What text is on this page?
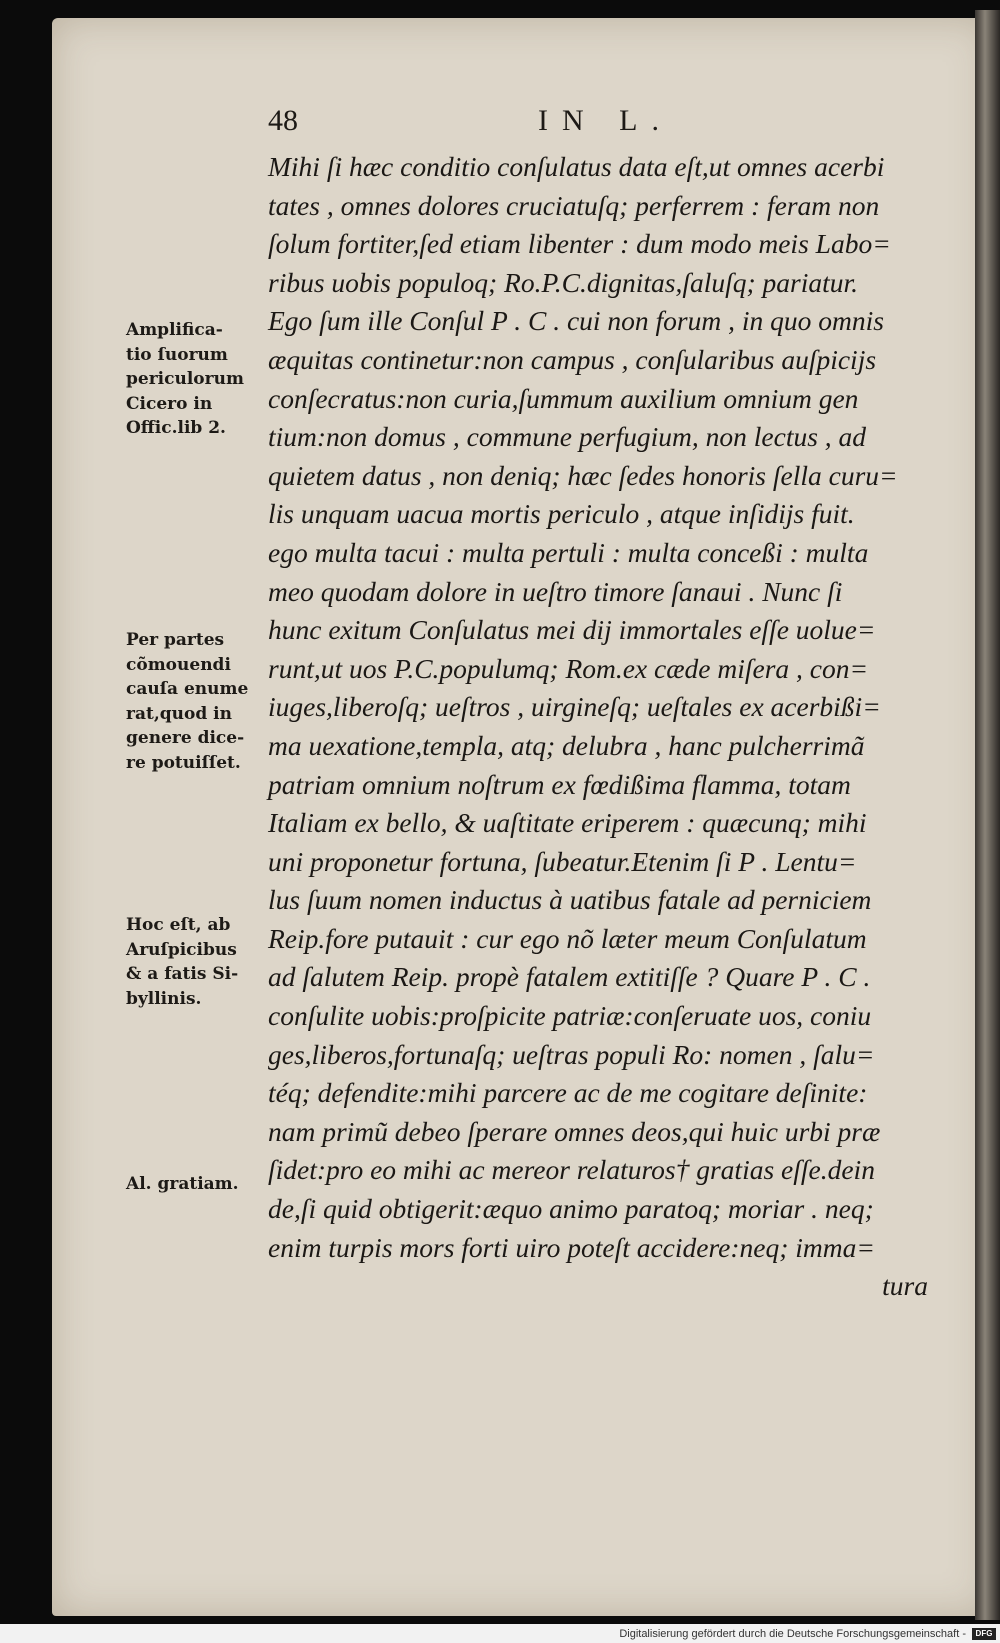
48	IN L.
Mihi ſi hæc conditio conſulatus data eſt,ut omnes acerbi
tates , omnes dolores cruciatuſq; perferrem : feram non
ſolum fortiter,ſed etiam libenter : dum modo meis Labo=
ribus uobis populoq; Ro.P.C.dignitas,ſaluſq; pariatur.
Ego ſum ille Conſul P . C . cui non forum , in quo omnis
æquitas continetur:non campus , conſularibus auſpicijs
conſecratus:non curia,ſummum auxilium omnium gen
tium:non domus , commune perfugium, non lectus , ad
quietem datus , non deniq; hæc ſedes honoris ſella curu=
lis unquam uacua mortis periculo , atque inſidijs fuit.
ego multa tacui : multa pertuli : multa conceßi : multa
meo quodam dolore in ueſtro timore ſanaui . Nunc ſi
hunc exitum Conſulatus mei dij immortales eſſe uolue=
runt,ut uos P.C.populumq; Rom.ex cæde miſera , con=
iuges,liberoſq; ueſtros , uirgineſq; ueſtales ex acerbißi=
ma uexatione,templa, atq; delubra , hanc pulcherrimã
patriam omnium noſtrum ex fœdißima flamma, totam
Italiam ex bello, & uaſtitate eriperem : quæcunq; mihi
uni proponetur fortuna, ſubeatur.Etenim ſi P . Lentu=
lus ſuum nomen inductus à uatibus fatale ad perniciem
Reip.fore putauit : cur ego nõ læter meum Conſulatum
ad ſalutem Reip. propè fatalem extitiſſe ? Quare P . C .
conſulite uobis:proſpicite patriæ:conſeruate uos, coniu
ges,liberos,fortunaſq; ueſtras populi Ro: nomen , ſalu=
téq; defendite:mihi parcere ac de me cogitare deſinite:
nam primũ debeo ſperare omnes deos,qui huic urbi præ
ſidet:pro eo mihi ac mereor relaturos† gratias eſſe.dein
de,ſi quid obtigerit:æquo animo paratoq; moriar . neq;
enim turpis mors forti uiro poteſt accidere:neq; imma=
tura
Amplifica-
tio ſuorum
periculorum
Cicero in
Offic.lib 2.
Per partes
cõmouendi
cauſa enume
rat,quod in
genere dice-
re potuiſſet.
Hoc eſt, ab
Aruſpicibus
& a fatis Si-
byllinis.
Al. gratiam.
Digitalisierung gefördert durch die Deutsche Forschungsgemeinschaft -	DFG
